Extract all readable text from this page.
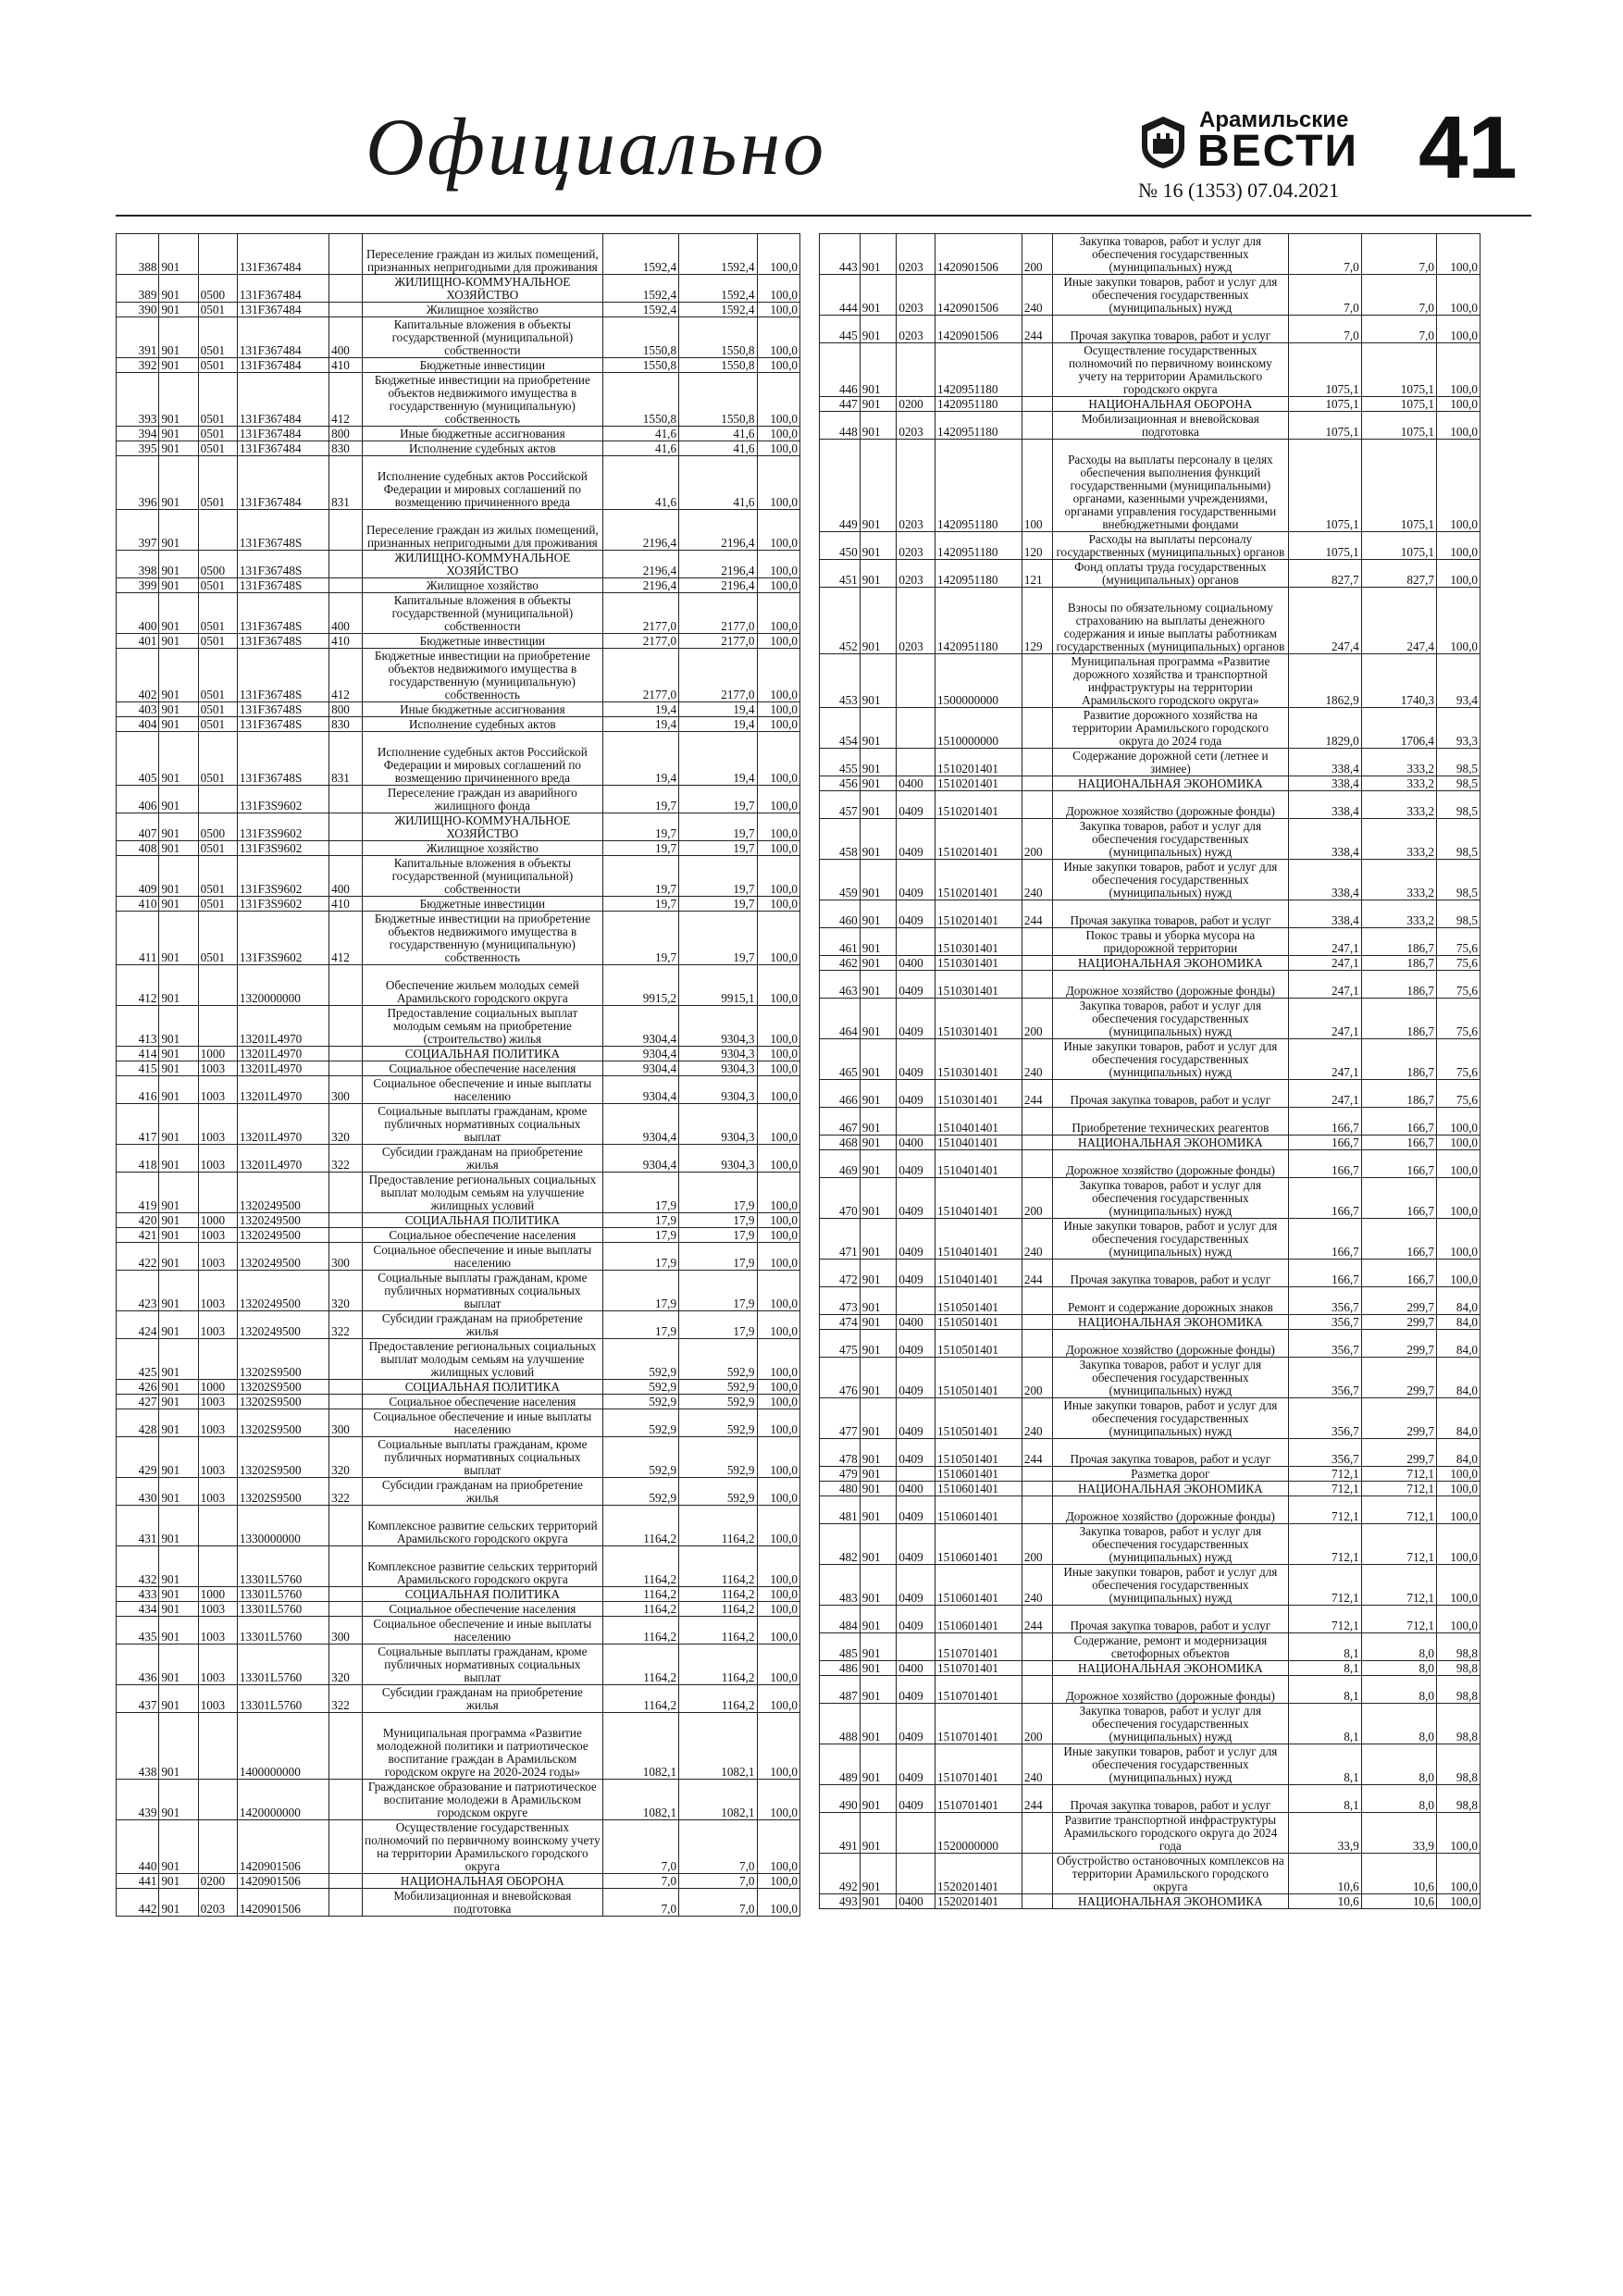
Официально	Арамильские
ВЕСТИ
№ 16 (1353) 07.04.2021 41
388	901		131F367484		Переселение граждан из жилых помещений, признанных непригодными для проживания	1592,4	1592,4	100,0
389	901	0500	131F367484		ЖИЛИЩНО-КОММУНАЛЬНОЕ ХОЗЯЙСТВО	1592,4	1592,4	100,0
390	901	0501	131F367484		Жилищное хозяйство	1592,4	1592,4	100,0
391	901	0501	131F367484	400	Капитальные вложения в объекты государственной (муниципальной) собственности	1550,8	1550,8	100,0
392	901	0501	131F367484	410	Бюджетные инвестиции	1550,8	1550,8	100,0
393	901	0501	131F367484	412	Бюджетные инвестиции на приобретение объектов недвижимого имущества в государственную (муниципальную) собственность	1550,8	1550,8	100,0
394	901	0501	131F367484	800	Иные бюджетные ассигнования	41,6	41,6	100,0
395	901	0501	131F367484	830	Исполнение судебных актов	41,6	41,6	100,0
396	901	0501	131F367484	831	Исполнение судебных актов Российской Федерации и мировых соглашений по возмещению причиненного вреда	41,6	41,6	100,0
397	901		131F36748S		Переселение граждан из жилых помещений, признанных непригодными для проживания	2196,4	2196,4	100,0
398	901	0500	131F36748S		ЖИЛИЩНО-КОММУНАЛЬНОЕ ХОЗЯЙСТВО	2196,4	2196,4	100,0
399	901	0501	131F36748S		Жилищное хозяйство	2196,4	2196,4	100,0
400	901	0501	131F36748S	400	Капитальные вложения в объекты государственной (муниципальной) собственности	2177,0	2177,0	100,0
401	901	0501	131F36748S	410	Бюджетные инвестиции	2177,0	2177,0	100,0
402	901	0501	131F36748S	412	Бюджетные инвестиции на приобретение объектов недвижимого имущества в государственную (муниципальную) собственность	2177,0	2177,0	100,0
403	901	0501	131F36748S	800	Иные бюджетные ассигнования	19,4	19,4	100,0
404	901	0501	131F36748S	830	Исполнение судебных актов	19,4	19,4	100,0
405	901	0501	131F36748S	831	Исполнение судебных актов Российской Федерации и мировых соглашений по возмещению причиненного вреда	19,4	19,4	100,0
406	901		131F3S9602		Переселение граждан из аварийного жилищного фонда	19,7	19,7	100,0
407	901	0500	131F3S9602		ЖИЛИЩНО-КОММУНАЛЬНОЕ ХОЗЯЙСТВО	19,7	19,7	100,0
408	901	0501	131F3S9602		Жилищное хозяйство	19,7	19,7	100,0
409	901	0501	131F3S9602	400	Капитальные вложения в объекты государственной (муниципальной) собственности	19,7	19,7	100,0
410	901	0501	131F3S9602	410	Бюджетные инвестиции	19,7	19,7	100,0
411	901	0501	131F3S9602	412	Бюджетные инвестиции на приобретение объектов недвижимого имущества в государственную (муниципальную) собственность	19,7	19,7	100,0
412	901		1320000000		Обеспечение жильем молодых семей Арамильского городского округа	9915,2	9915,1	100,0
413	901		13201L4970		Предоставление социальных выплат молодым семьям на приобретение (строительство) жилья	9304,4	9304,3	100,0
414	901	1000	13201L4970		СОЦИАЛЬНАЯ ПОЛИТИКА	9304,4	9304,3	100,0
415	901	1003	13201L4970		Социальное обеспечение населения	9304,4	9304,3	100,0
416	901	1003	13201L4970	300	Социальное обеспечение и иные выплаты населению	9304,4	9304,3	100,0
417	901	1003	13201L4970	320	Социальные выплаты гражданам, кроме публичных нормативных социальных выплат	9304,4	9304,3	100,0
418	901	1003	13201L4970	322	Субсидии гражданам на приобретение жилья	9304,4	9304,3	100,0
419	901		1320249500		Предоставление региональных социальных выплат молодым семьям на улучшение жилищных условий	17,9	17,9	100,0
420	901	1000	1320249500		СОЦИАЛЬНАЯ ПОЛИТИКА	17,9	17,9	100,0
421	901	1003	1320249500		Социальное обеспечение населения	17,9	17,9	100,0
422	901	1003	1320249500	300	Социальное обеспечение и иные выплаты населению	17,9	17,9	100,0
423	901	1003	1320249500	320	Социальные выплаты гражданам, кроме публичных нормативных социальных выплат	17,9	17,9	100,0
424	901	1003	1320249500	322	Субсидии гражданам на приобретение жилья	17,9	17,9	100,0
425	901		13202S9500		Предоставление региональных социальных выплат молодым семьям на улучшение жилищных условий	592,9	592,9	100,0
426	901	1000	13202S9500		СОЦИАЛЬНАЯ ПОЛИТИКА	592,9	592,9	100,0
427	901	1003	13202S9500		Социальное обеспечение населения	592,9	592,9	100,0
428	901	1003	13202S9500	300	Социальное обеспечение и иные выплаты населению	592,9	592,9	100,0
429	901	1003	13202S9500	320	Социальные выплаты гражданам, кроме публичных нормативных социальных выплат	592,9	592,9	100,0
430	901	1003	13202S9500	322	Субсидии гражданам на приобретение жилья	592,9	592,9	100,0
431	901		1330000000		Комплексное развитие сельских территорий Арамильского городского округа	1164,2	1164,2	100,0
432	901		13301L5760		Комплексное развитие сельских территорий Арамильского городского округа	1164,2	1164,2	100,0
433	901	1000	13301L5760		СОЦИАЛЬНАЯ ПОЛИТИКА	1164,2	1164,2	100,0
434	901	1003	13301L5760		Социальное обеспечение населения	1164,2	1164,2	100,0
435	901	1003	13301L5760	300	Социальное обеспечение и иные выплаты населению	1164,2	1164,2	100,0
436	901	1003	13301L5760	320	Социальные выплаты гражданам, кроме публичных нормативных социальных выплат	1164,2	1164,2	100,0
437	901	1003	13301L5760	322	Субсидии гражданам на приобретение жилья	1164,2	1164,2	100,0
438	901		1400000000		Муниципальная программа «Развитие молодежной политики и патриотическое воспитание граждан в Арамильском городском округе на 2020-2024 годы»	1082,1	1082,1	100,0
439	901		1420000000		Гражданское образование и патриотическое воспитание молодежи в Арамильском городском округе	1082,1	1082,1	100,0
440	901		1420901506		Осуществление государственных полномочий по первичному воинскому учету на территории Арамильского городского округа	7,0	7,0	100,0
441	901	0200	1420901506		НАЦИОНАЛЬНАЯ ОБОРОНА	7,0	7,0	100,0
442	901	0203	1420901506		Мобилизационная и вневойсковая подготовка	7,0	7,0	100,0
443	901	0203	1420901506	200	Закупка товаров, работ и услуг для обеспечения государственных (муниципальных) нужд	7,0	7,0	100,0
444	901	0203	1420901506	240	Иные закупки товаров, работ и услуг для обеспечения государственных (муниципальных) нужд	7,0	7,0	100,0
445	901	0203	1420901506	244	Прочая закупка товаров, работ и услуг	7,0	7,0	100,0
446	901		1420951180		Осуществление государственных полномочий по первичному воинскому учету на территории Арамильского городского округа	1075,1	1075,1	100,0
447	901	0200	1420951180		НАЦИОНАЛЬНАЯ ОБОРОНА	1075,1	1075,1	100,0
448	901	0203	1420951180		Мобилизационная и вневойсковая подготовка	1075,1	1075,1	100,0
449	901	0203	1420951180	100	Расходы на выплаты персоналу в целях обеспечения выполнения функций государственными (муниципальными) органами, казенными учреждениями, органами управления государственными внебюджетными фондами	1075,1	1075,1	100,0
450	901	0203	1420951180	120	Расходы на выплаты персоналу государственных (муниципальных) органов	1075,1	1075,1	100,0
451	901	0203	1420951180	121	Фонд оплаты труда государственных (муниципальных) органов	827,7	827,7	100,0
452	901	0203	1420951180	129	Взносы по обязательному социальному страхованию на выплаты денежного содержания и иные выплаты работникам государственных (муниципальных) органов	247,4	247,4	100,0
453	901		1500000000		Муниципальная программа «Развитие дорожного хозяйства и транспортной инфраструктуры на территории Арамильского городского округа»	1862,9	1740,3	93,4
454	901		1510000000		Развитие дорожного хозяйства на территории Арамильского городского округа до 2024 года	1829,0	1706,4	93,3
455	901		1510201401		Содержание дорожной сети (летнее и зимнее)	338,4	333,2	98,5
456	901	0400	1510201401		НАЦИОНАЛЬНАЯ ЭКОНОМИКА	338,4	333,2	98,5
457	901	0409	1510201401		Дорожное хозяйство (дорожные фонды)	338,4	333,2	98,5
458	901	0409	1510201401	200	Закупка товаров, работ и услуг для обеспечения государственных (муниципальных) нужд	338,4	333,2	98,5
459	901	0409	1510201401	240	Иные закупки товаров, работ и услуг для обеспечения государственных (муниципальных) нужд	338,4	333,2	98,5
460	901	0409	1510201401	244	Прочая закупка товаров, работ и услуг	338,4	333,2	98,5
461	901		1510301401		Покос травы и уборка мусора на придорожной территории	247,1	186,7	75,6
462	901	0400	1510301401		НАЦИОНАЛЬНАЯ ЭКОНОМИКА	247,1	186,7	75,6
463	901	0409	1510301401		Дорожное хозяйство (дорожные фонды)	247,1	186,7	75,6
464	901	0409	1510301401	200	Закупка товаров, работ и услуг для обеспечения государственных (муниципальных) нужд	247,1	186,7	75,6
465	901	0409	1510301401	240	Иные закупки товаров, работ и услуг для обеспечения государственных (муниципальных) нужд	247,1	186,7	75,6
466	901	0409	1510301401	244	Прочая закупка товаров, работ и услуг	247,1	186,7	75,6
467	901		1510401401		Приобретение технических реагентов	166,7	166,7	100,0
468	901	0400	1510401401		НАЦИОНАЛЬНАЯ ЭКОНОМИКА	166,7	166,7	100,0
469	901	0409	1510401401		Дорожное хозяйство (дорожные фонды)	166,7	166,7	100,0
470	901	0409	1510401401	200	Закупка товаров, работ и услуг для обеспечения государственных (муниципальных) нужд	166,7	166,7	100,0
471	901	0409	1510401401	240	Иные закупки товаров, работ и услуг для обеспечения государственных (муниципальных) нужд	166,7	166,7	100,0
472	901	0409	1510401401	244	Прочая закупка товаров, работ и услуг	166,7	166,7	100,0
473	901		1510501401		Ремонт и содержание дорожных знаков	356,7	299,7	84,0
474	901	0400	1510501401		НАЦИОНАЛЬНАЯ ЭКОНОМИКА	356,7	299,7	84,0
475	901	0409	1510501401		Дорожное хозяйство (дорожные фонды)	356,7	299,7	84,0
476	901	0409	1510501401	200	Закупка товаров, работ и услуг для обеспечения государственных (муниципальных) нужд	356,7	299,7	84,0
477	901	0409	1510501401	240	Иные закупки товаров, работ и услуг для обеспечения государственных (муниципальных) нужд	356,7	299,7	84,0
478	901	0409	1510501401	244	Прочая закупка товаров, работ и услуг	356,7	299,7	84,0
479	901		1510601401		Разметка дорог	712,1	712,1	100,0
480	901	0400	1510601401		НАЦИОНАЛЬНАЯ ЭКОНОМИКА	712,1	712,1	100,0
481	901	0409	1510601401		Дорожное хозяйство (дорожные фонды)	712,1	712,1	100,0
482	901	0409	1510601401	200	Закупка товаров, работ и услуг для обеспечения государственных (муниципальных) нужд	712,1	712,1	100,0
483	901	0409	1510601401	240	Иные закупки товаров, работ и услуг для обеспечения государственных (муниципальных) нужд	712,1	712,1	100,0
484	901	0409	1510601401	244	Прочая закупка товаров, работ и услуг	712,1	712,1	100,0
485	901		1510701401		Содержание, ремонт и модернизация светофорных объектов	8,1	8,0	98,8
486	901	0400	1510701401		НАЦИОНАЛЬНАЯ ЭКОНОМИКА	8,1	8,0	98,8
487	901	0409	1510701401		Дорожное хозяйство (дорожные фонды)	8,1	8,0	98,8
488	901	0409	1510701401	200	Закупка товаров, работ и услуг для обеспечения государственных (муниципальных) нужд	8,1	8,0	98,8
489	901	0409	1510701401	240	Иные закупки товаров, работ и услуг для обеспечения государственных (муниципальных) нужд	8,1	8,0	98,8
490	901	0409	1510701401	244	Прочая закупка товаров, работ и услуг	8,1	8,0	98,8
491	901		1520000000		Развитие транспортной инфраструктуры Арамильского городского округа до 2024 года	33,9	33,9	100,0
492	901		1520201401		Обустройство остановочных комплексов на территории Арамильского городского округа	10,6	10,6	100,0
493	901	0400	1520201401		НАЦИОНАЛЬНАЯ ЭКОНОМИКА	10,6	10,6	100,0
